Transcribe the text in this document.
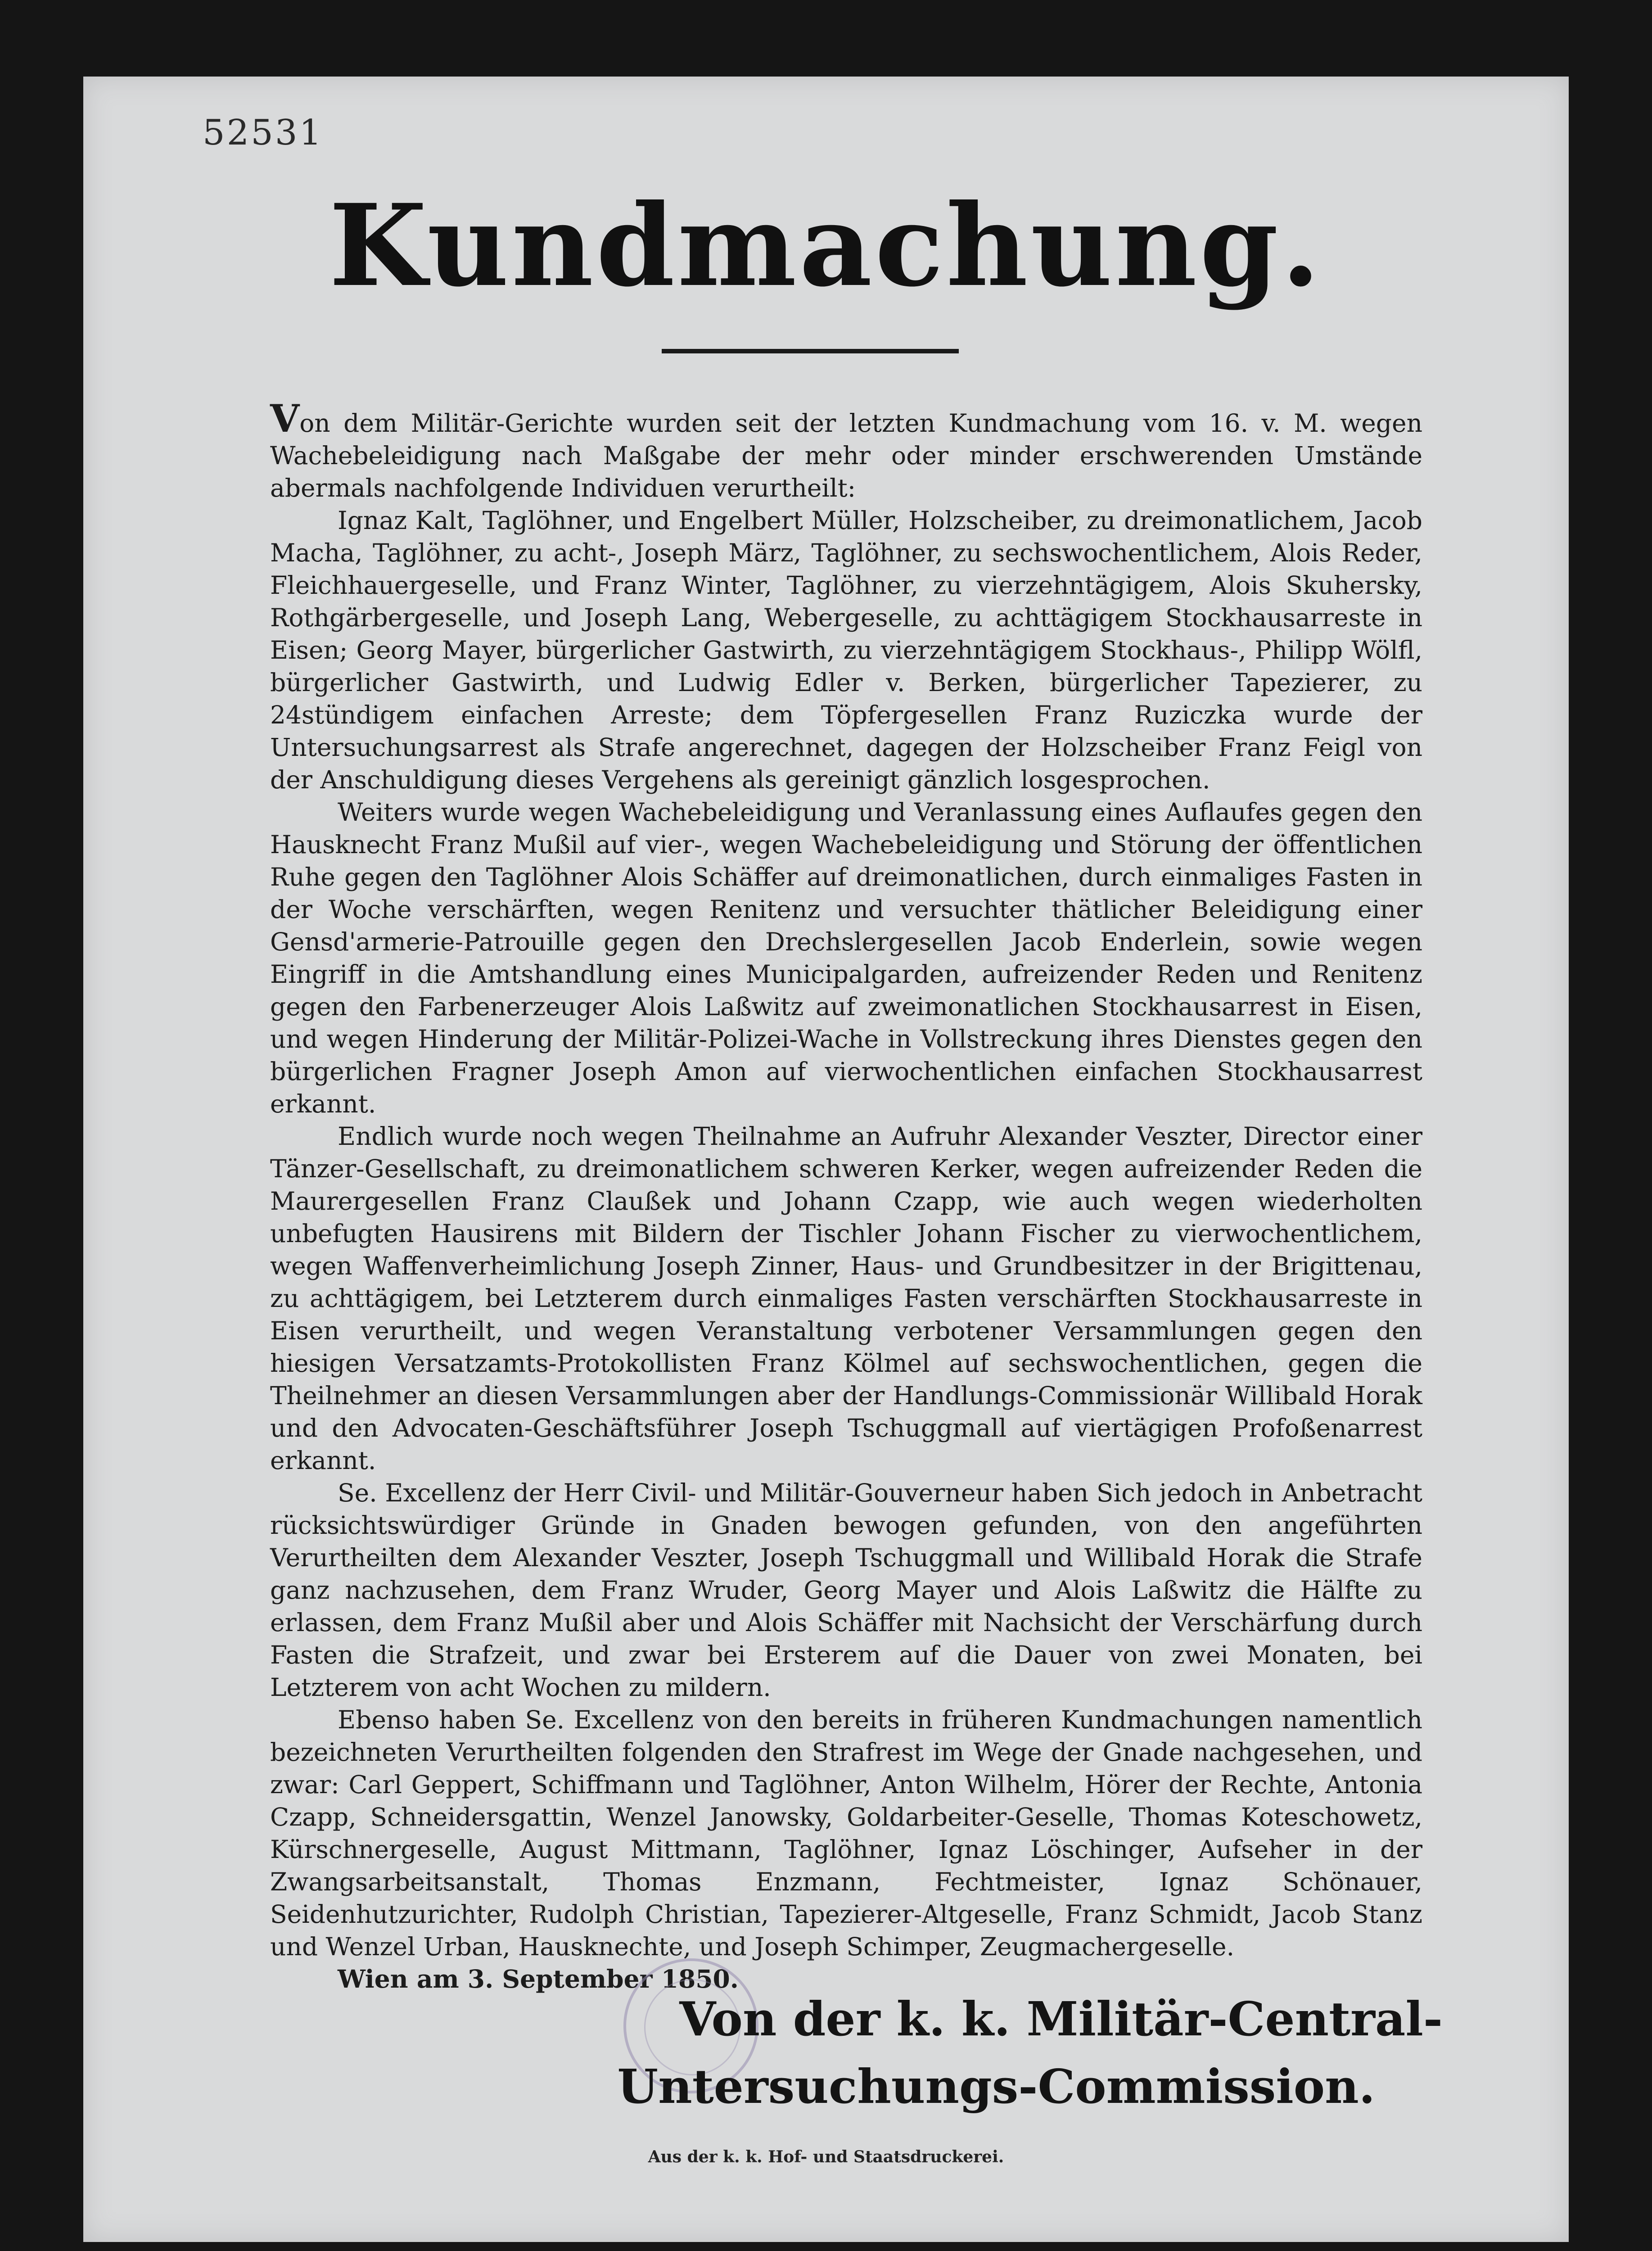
52531
Kundmachung.

Von dem Militär-Gerichte wurden seit der letzten Kundmachung vom 16. v. M. wegen Wachebeleidigung nach Maßgabe der mehr oder minder erschwerenden Umstände abermals nachfolgende Individuen verurtheilt:

Ignaz Kalt, Taglöhner, und Engelbert Müller, Holzscheiber, zu dreimonatlichem, Jacob Macha, Taglöhner, zu acht-, Joseph März, Taglöhner, zu sechswochentlichem, Alois Reder, Fleichhauergeselle, und Franz Winter, Taglöhner, zu vierzehntägigem, Alois Skuhersky, Rothgärbergeselle, und Joseph Lang, Webergeselle, zu achttägigem Stockhausarreste in Eisen; Georg Mayer, bürgerlicher Gastwirth, zu vierzehntägigem Stockhaus-, Philipp Wölfl, bürgerlicher Gastwirth, und Ludwig Edler v. Berken, bürgerlicher Tapezierer, zu 24stündigem einfachen Arreste; dem Töpfergesellen Franz Ruziczka wurde der Untersuchungsarrest als Strafe angerechnet, dagegen der Holzscheiber Franz Feigl von der Anschuldigung dieses Vergehens als gereinigt gänzlich losgesprochen.

Weiters wurde wegen Wachebeleidigung und Veranlassung eines Auflaufes gegen den Hausknecht Franz Mußil auf vier-, wegen Wachebeleidigung und Störung der öffentlichen Ruhe gegen den Taglöhner Alois Schäffer auf dreimonatlichen, durch einmaliges Fasten in der Woche verschärften, wegen Renitenz und versuchter thätlicher Beleidigung einer Gensd'armerie-Patrouille gegen den Drechslergesellen Jacob Enderlein, sowie wegen Eingriff in die Amtshandlung eines Municipalgarden, aufreizender Reden und Renitenz gegen den Farbenerzeuger Alois Laßwitz auf zweimonatlichen Stockhausarrest in Eisen, und wegen Hinderung der Militär-Polizei-Wache in Vollstreckung ihres Dienstes gegen den bürgerlichen Fragner Joseph Amon auf vierwochentlichen einfachen Stockhausarrest erkannt.

Endlich wurde noch wegen Theilnahme an Aufruhr Alexander Veszter, Director einer Tänzer-Gesellschaft, zu dreimonatlichem schweren Kerker, wegen aufreizender Reden die Maurergesellen Franz Claußek und Johann Czapp, wie auch wegen wiederholten unbefugten Hausirens mit Bildern der Tischler Johann Fischer zu vierwochentlichem, wegen Waffenverheimlichung Joseph Zinner, Haus- und Grundbesitzer in der Brigittenau, zu achttägigem, bei Letzterem durch einmaliges Fasten verschärften Stockhausarreste in Eisen verurtheilt, und wegen Veranstaltung verbotener Versammlungen gegen den hiesigen Versatzamts-Protokollisten Franz Kölmel auf sechswochentlichen, gegen die Theilnehmer an diesen Versammlungen aber der Handlungs-Commissionär Willibald Horak und den Advocaten-Geschäftsführer Joseph Tschuggmall auf viertägigen Profoßenarrest erkannt.

Se. Excellenz der Herr Civil- und Militär-Gouverneur haben Sich jedoch in Anbetracht rücksichtswürdiger Gründe in Gnaden bewogen gefunden, von den angeführten Verurtheilten dem Alexander Veszter, Joseph Tschuggmall und Willibald Horak die Strafe ganz nachzusehen, dem Franz Wruder, Georg Mayer und Alois Laßwitz die Hälfte zu erlassen, dem Franz Mußil aber und Alois Schäffer mit Nachsicht der Verschärfung durch Fasten die Strafzeit, und zwar bei Ersterem auf die Dauer von zwei Monaten, bei Letzterem von acht Wochen zu mildern.

Ebenso haben Se. Excellenz von den bereits in früheren Kundmachungen namentlich bezeichneten Verurtheilten folgenden den Strafrest im Wege der Gnade nachgesehen, und zwar: Carl Geppert, Schiffmann und Taglöhner, Anton Wilhelm, Hörer der Rechte, Antonia Czapp, Schneidersgattin, Wenzel Janowsky, Goldarbeiter-Geselle, Thomas Koteschowetz, Kürschnergeselle, August Mittmann, Taglöhner, Ignaz Löschinger, Aufseher in der Zwangsarbeitsanstalt, Thomas Enzmann, Fechtmeister, Ignaz Schönauer, Seidenhutzurichter, Rudolph Christian, Tapezierer-Altgeselle, Franz Schmidt, Jacob Stanz und Wenzel Urban, Hausknechte, und Joseph Schimper, Zeugmachergeselle.

Wien am 3. September 1850.
Von der k. k. Militär-Central-
Untersuchungs-Commission.
Aus der k. k. Hof- und Staatsdruckerei.
